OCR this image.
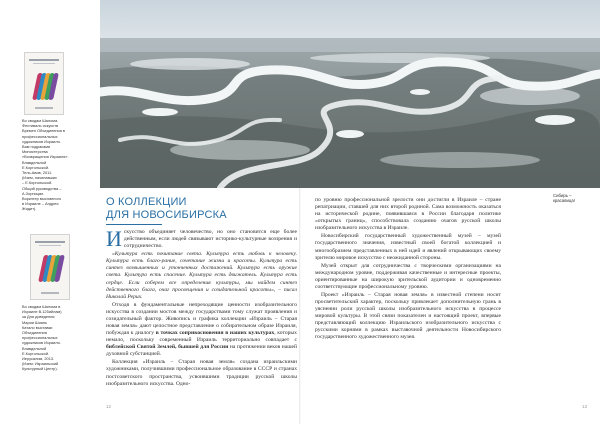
Во сводам Шалома.
Фестиваль искусств
Времен Объединения в
профессиональных
художников Израиля.
Вам подраками
Министерства
«Возвращения Израиля».
Влавдельной
Е.Коргольской.
Тель-Авив, 2011.
(Изем, начинавших
– Е.Коргольской.
Общий руководства –
А.Зорницан.
Воркнтер высланного
в Израиле – Андрея
Жидит).
Во сводам Шалома в
Израиле В.125ийлам)
за Для доведения
Марии Шиянь
Катало выставки
Объединения
профессиональных
художников Израиля.
Влавдельной
Е.Коргольской.
Иерусалим, 2013.
(Изем: Израильский
Культурный Центр).
Сибирь –
красавица!
О КОЛЛЕКЦИИ
ДЛЯ НОВОСИБИРСКА

И скусство объединяет человечество, но оно становится еще более действенным, если людей связывают историко-культурные воззрения и сотрудничество.

«Культура есть почитание света. Культура есть любовь к человеку. Культура есть благо-рание, сочетание жизни и красоты. Культура есть синтез возвышенных и утонченных достижений. Культура есть оружие света. Культура есть спасение. Культура есть движатель. Культура есть сердце. Если соберем все определения культуры, мы найдем синтез действенного блага, очаг просвещения и созидательной красоты», – писал Николай Рерих.

Отходя в фундаментальные непреходящие ценности изобразительного искусства в создании мостов между государствами тому служат проявления и созидательный фактор. Живопись и графика коллекции «Израиль – Старая новая земля» дают целостное представление о собирательном образе Израиля, побуждая к диалогу в точках соприкосновения в наших культурах, которых немало, поскольку современный Израиль территориально совпадает с библейской Святой Землей, бывшей для России на протяжении веков нашей духовной субстанцией.

Коллекция «Израиль – Старая новая земля» создана израильскими художниками, получившими профессиональное образование в СССР и странах постсоветского пространства, усвоившими традиции русской школы изобразительного искусства. Одно-

по уровню профессиональной зрелости они достигли в Израиле – стране репатриации, ставшей для них второй родиной. Сама возможность оказаться на исторической родине, появившаяся в России благодаря политике «открытых границ», способствовала созданию очагов русской школы изобразительного искусства в Израиле.

Новосибирский государственный художественный музей – музей государственного значения, известный своей богатой коллекцией и многообразием представленных в ней идей и явлений открывающих своему зрителю мировое искусство с неожиданной стороны.

Музей открыт для сотрудничества с творческими организациями на международном уровне, поддерживая качественные и интересные проекты, ориентированные на широкую зрительской аудитории и одновременно соответствующие профессиональному уровню.

Проект «Израиль – Старая новая земля» в известной степени носит просветительский характер, поскольку привлекает дополнительную грань в уяснении роли русской школы изобразительного искусства в процессе мировой культуры. В этой связи показателен и настоящий проект, впервые представляющий коллекцию Израильского изобразительного искусства с русскими корнями в рамках выставочной деятельности Новосибирского государственного художественного музея.

12	13
